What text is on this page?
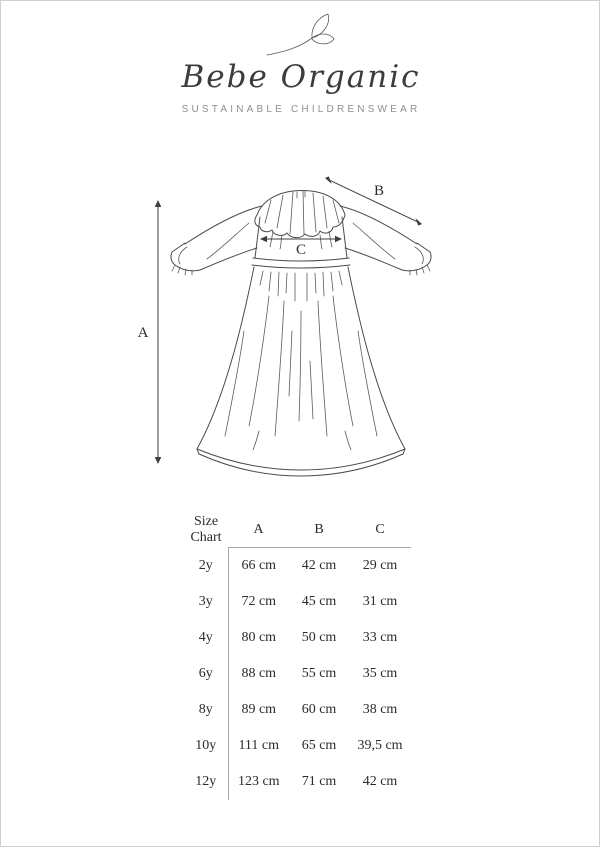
Bebe Organic
SUSTAINABLE CHILDRENSWEAR
A
B
C
Size
Chart	A	B	C
2y	66 cm	42 cm	29 cm
3y	72 cm	45 cm	31 cm
4y	80 cm	50 cm	33 cm
6y	88 cm	55 cm	35 cm
8y	89 cm	60 cm	38 cm
10y	111 cm	65 cm	39,5 cm
12y	123 cm	71 cm	42 cm
